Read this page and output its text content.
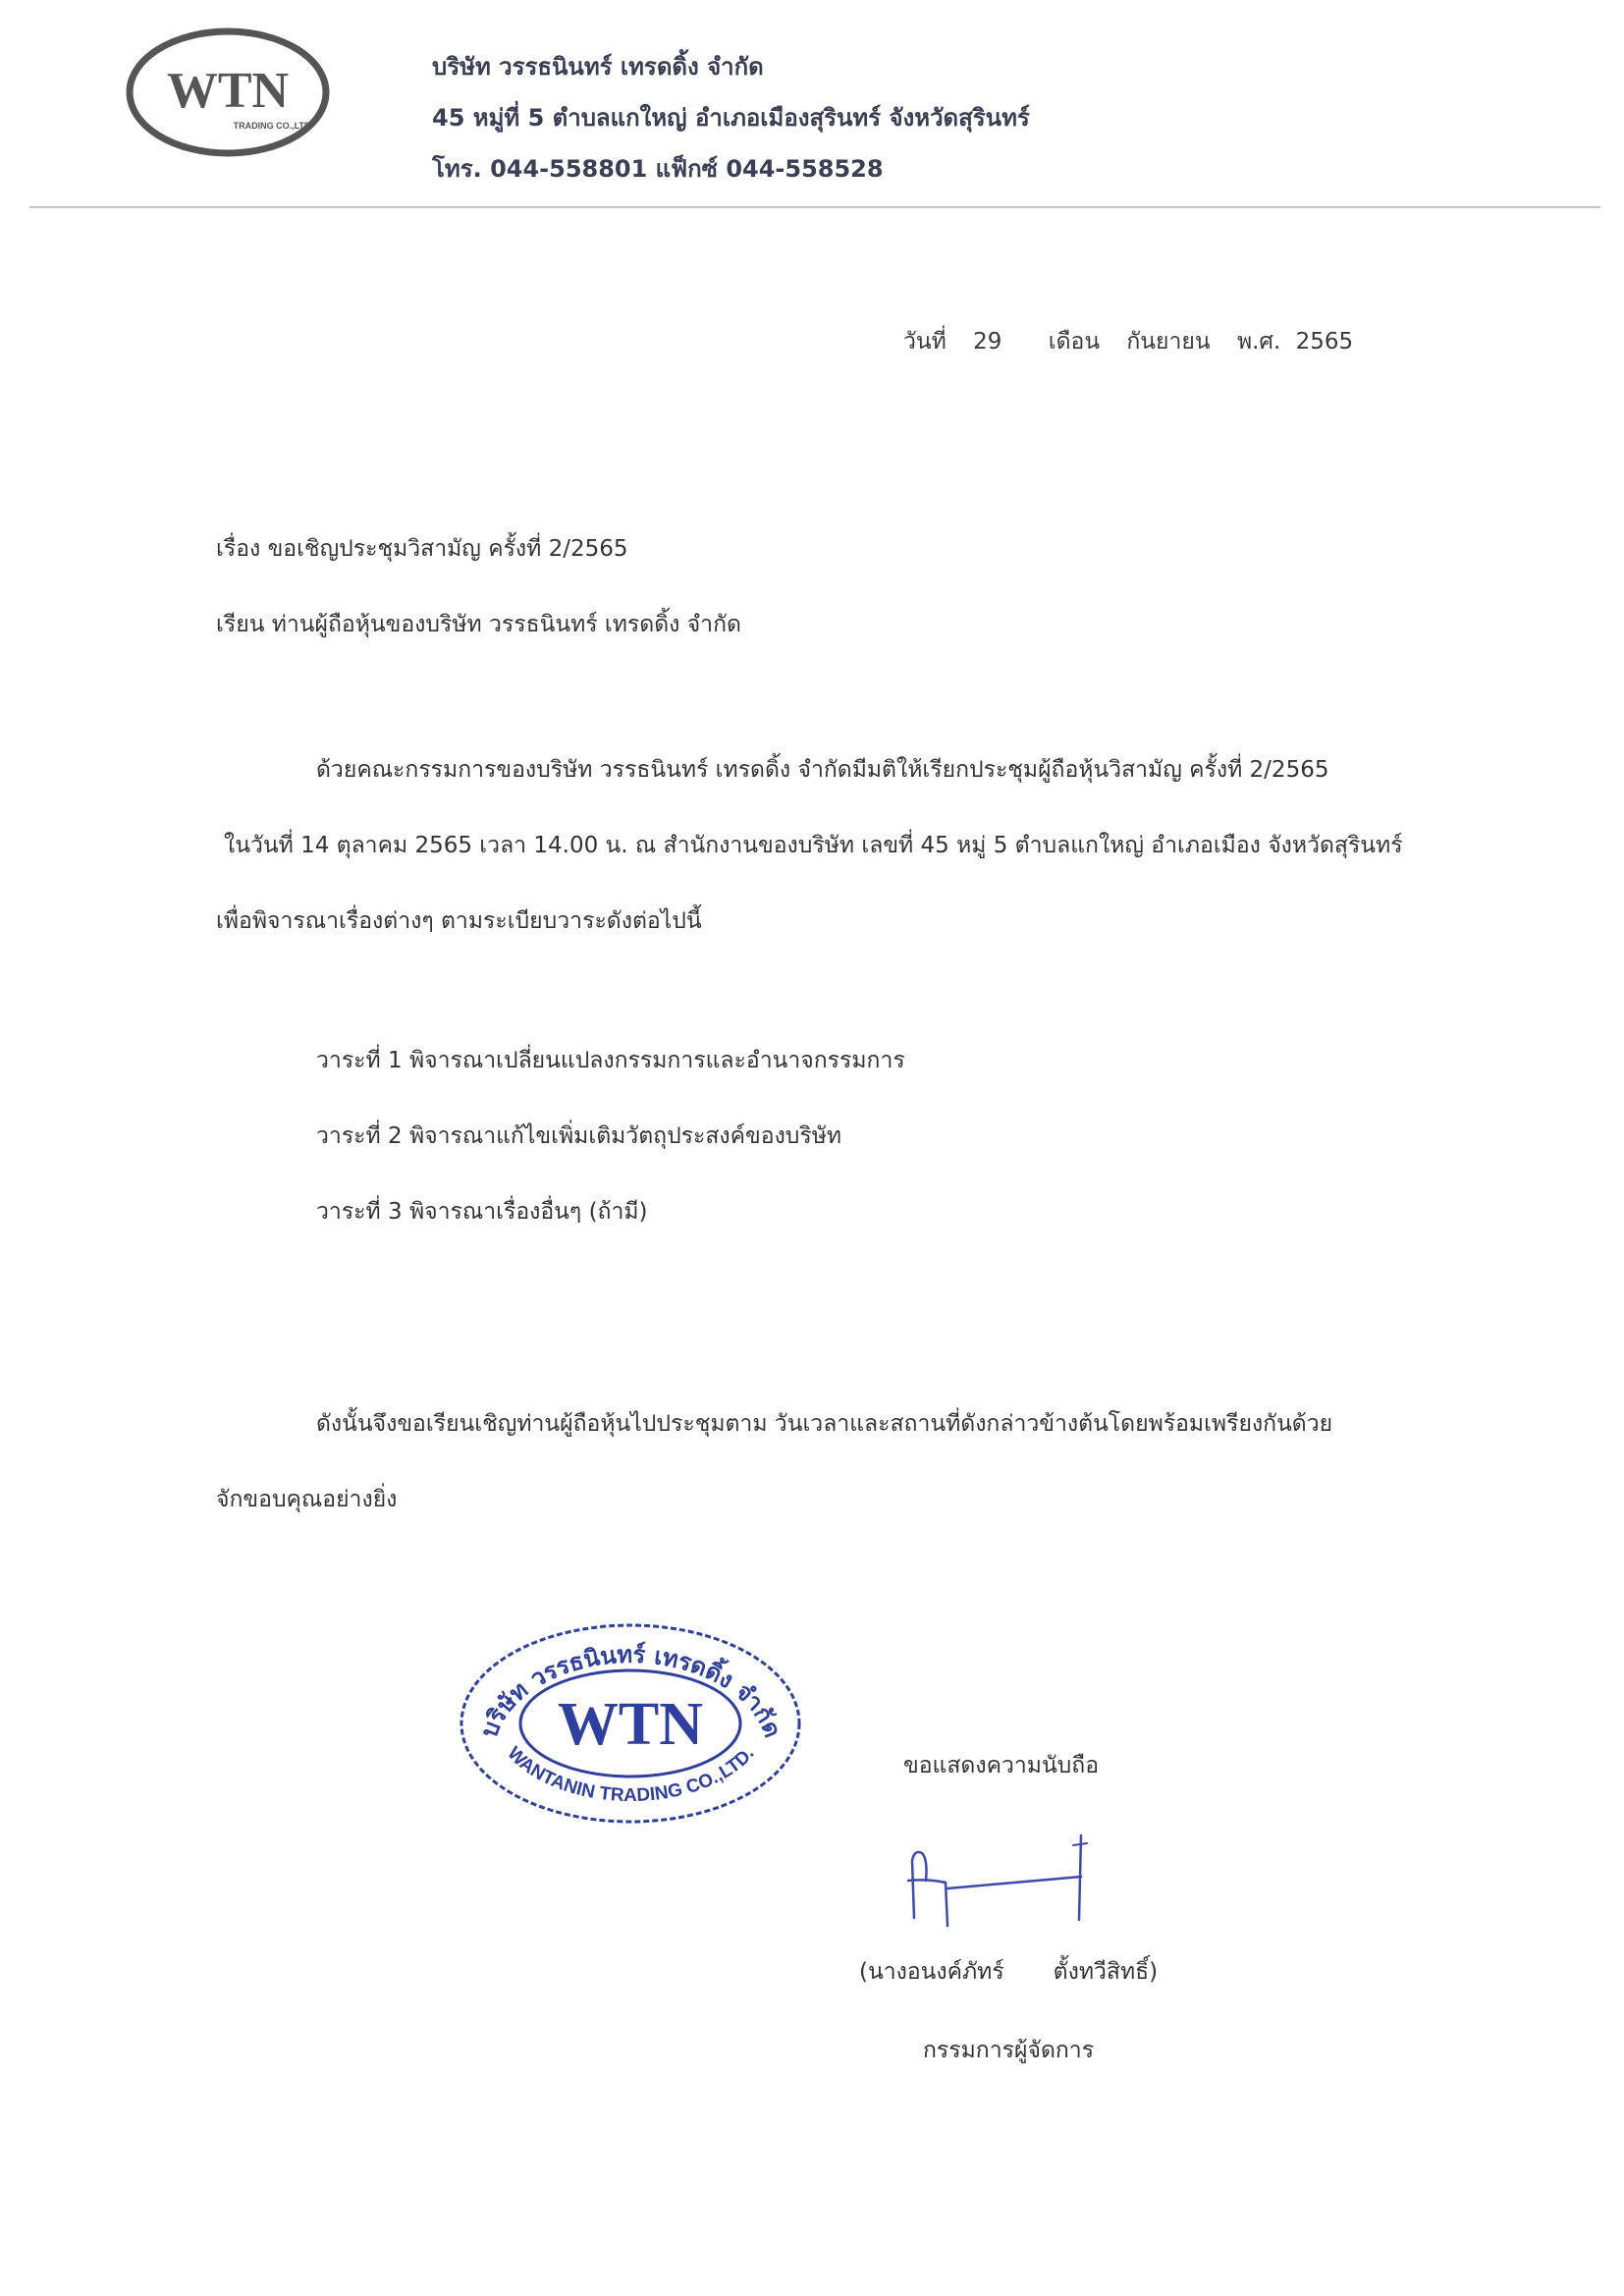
WTN
TRADING CO.,LTD
บริษัท วรรธนินทร์ เทรดดิ้ง จำกัด
45 หมู่ที่ 5 ตำบลแกใหญ่ อำเภอเมืองสุรินทร์ จังหวัดสุรินทร์
โทร. 044-558801 แฟ็กซ์ 044-558528
วันที่ 29 เดือน กันยายน พ.ศ. 2565
เรื่อง ขอเชิญประชุมวิสามัญ ครั้งที่ 2/2565
เรียน ท่านผู้ถือหุ้นของบริษัท วรรธนินทร์ เทรดดิ้ง จำกัด
ด้วยคณะกรรมการของบริษัท วรรธนินทร์ เทรดดิ้ง จำกัดมีมติให้เรียกประชุมผู้ถือหุ้นวิสามัญ ครั้งที่ 2/2565
ในวันที่ 14 ตุลาคม 2565 เวลา 14.00 น. ณ สำนักงานของบริษัท เลขที่ 45 หมู่ 5 ตำบลแกใหญ่ อำเภอเมือง จังหวัดสุรินทร์
เพื่อพิจารณาเรื่องต่างๆ ตามระเบียบวาระดังต่อไปนี้
วาระที่ 1 พิจารณาเปลี่ยนแปลงกรรมการและอำนาจกรรมการ
วาระที่ 2 พิจารณาแก้ไขเพิ่มเติมวัตถุประสงค์ของบริษัท
วาระที่ 3 พิจารณาเรื่องอื่นๆ (ถ้ามี)
ดังนั้นจึงขอเรียนเชิญท่านผู้ถือหุ้นไปประชุมตาม วันเวลาและสถานที่ดังกล่าวข้างต้นโดยพร้อมเพรียงกันด้วย
จักขอบคุณอย่างยิ่ง
บริษัท วรรธนินทร์ เทรดดิ้ง จำกัด
WTN
WANTANIN TRADING CO.,LTD.
ขอแสดงความนับถือ
(นางอนงค์ภัทร์ ตั้งทวีสิทธิ์)
กรรมการผู้จัดการ
